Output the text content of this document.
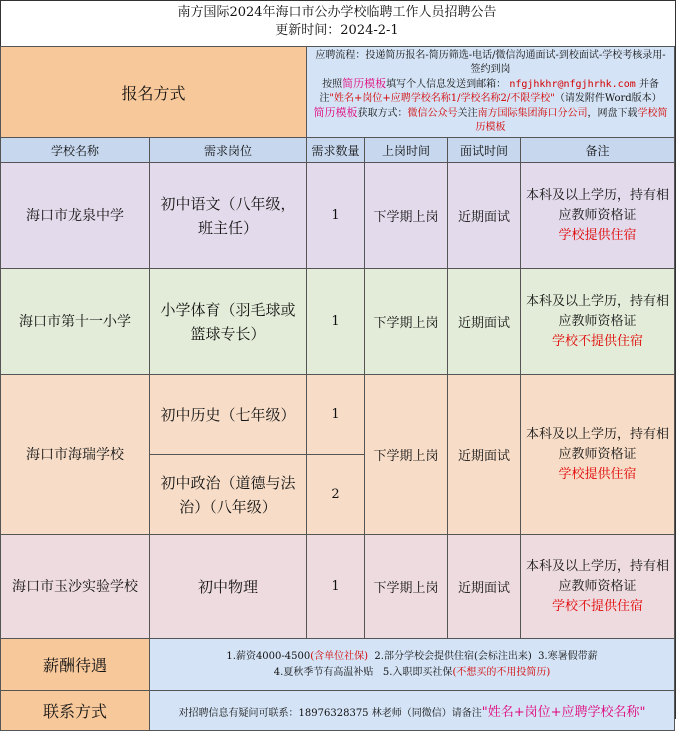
南方国际2024年海口市公办学校临聘工作人员招聘公告
更新时间：2024-2-1
报名方式		应聘流程：投递简历报名-简历筛选-电话/微信沟通面试-到校面试-学校考核录用-签约到岗
按照简历模板填写个人信息发送到邮箱： nfgjhkhr@nfgjhrhk.com 并备注"姓名+岗位+应聘学校名称1/学校名称2/不限学校"（请发附件Word版本）
简历模板获取方式：微信公众号关注南方国际集团海口分公司，网盘下载学校简历模板			

学校名称	需求岗位	需求数量	上岗时间	面试时间	备注
海口市龙泉中学	初中语文（八年级，班主任）	1	下学期上岗	近期面试	本科及以上学历，持有相应教师资格证
学校提供住宿

海口市第十一小学	小学体育（羽毛球或篮球专长）	1	下学期上岗	近期面试	本科及以上学历，持有相应教师资格证
学校不提供住宿

海口市海瑞学校	初中历史（七年级）	1	下学期上岗	近期面试	本科及以上学历，持有相应教师资格证
学校提供住宿

	初中政治（道德与法治）（八年级）	2			
海口市玉沙实验学校	初中物理	1	下学期上岗	近期面试	本科及以上学历，持有相应教师资格证
学校不提供住宿

薪酬待遇	1.薪资4000-4500(含单位社保) 2.部分学校会提供住宿(会标注出来) 3.寒暑假带薪
4.夏秋季节有高温补贴 5.入职即买社保(不想买的不用投简历)				

联系方式	对招聘信息有疑问可联系：18976328375 林老师（同微信）请备注"姓名+岗位+应聘学校名称"				
